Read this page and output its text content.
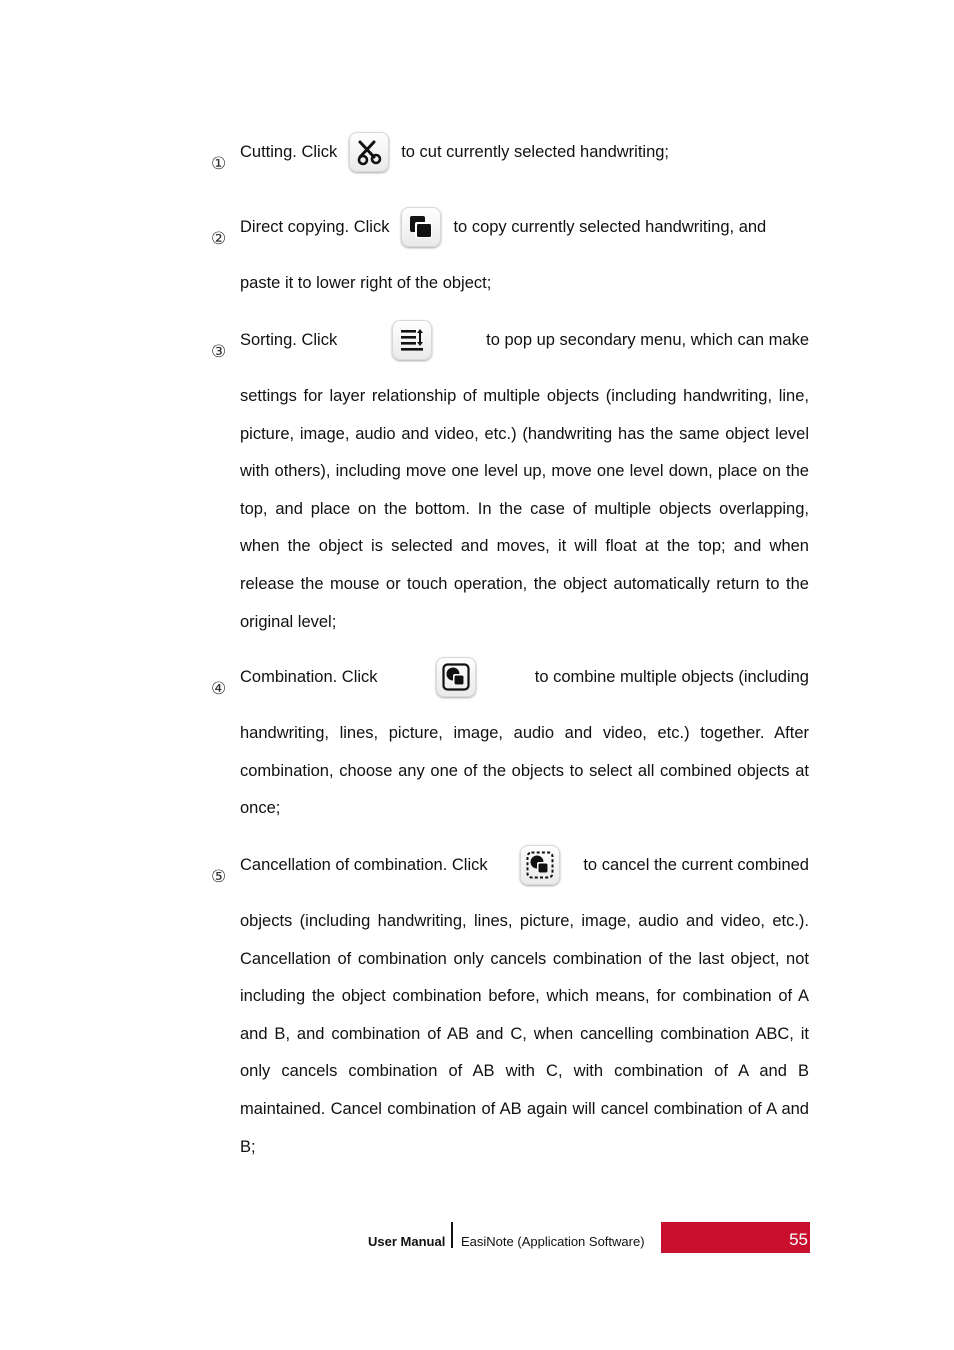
①
Cutting. Click	to cut currently selected handwriting;
②
Direct copying. Click	to copy currently selected handwriting, and
paste it to lower right of the object;
③
Sorting. Click	to pop up secondary menu, which can make
settings for layer relationship of multiple objects (including handwriting, line, picture, image, audio and video, etc.) (handwriting has the same object level with others), including move one level up, move one level down, place on the top, and place on the bottom. In the case of multiple objects overlapping, when the object is selected and moves, it will float at the top; and when release the mouse or touch operation, the object automatically return to the original level;
④
Combination. Click	to combine multiple objects (including
handwriting, lines, picture, image, audio and video, etc.) together. After combination, choose any one of the objects to select all combined objects at once;
⑤
Cancellation of combination. Click	to cancel the current combined
objects (including handwriting, lines, picture, image, audio and video, etc.). Cancellation of combination only cancels combination of the last object, not including the object combination before, which means, for combination of A and B, and combination of AB and C, when cancelling combination ABC, it only cancels combination of AB with C, with combination of A and B maintained. Cancel combination of AB again will cancel combination of A and B;
User Manual EasiNote (Application Software)	55
